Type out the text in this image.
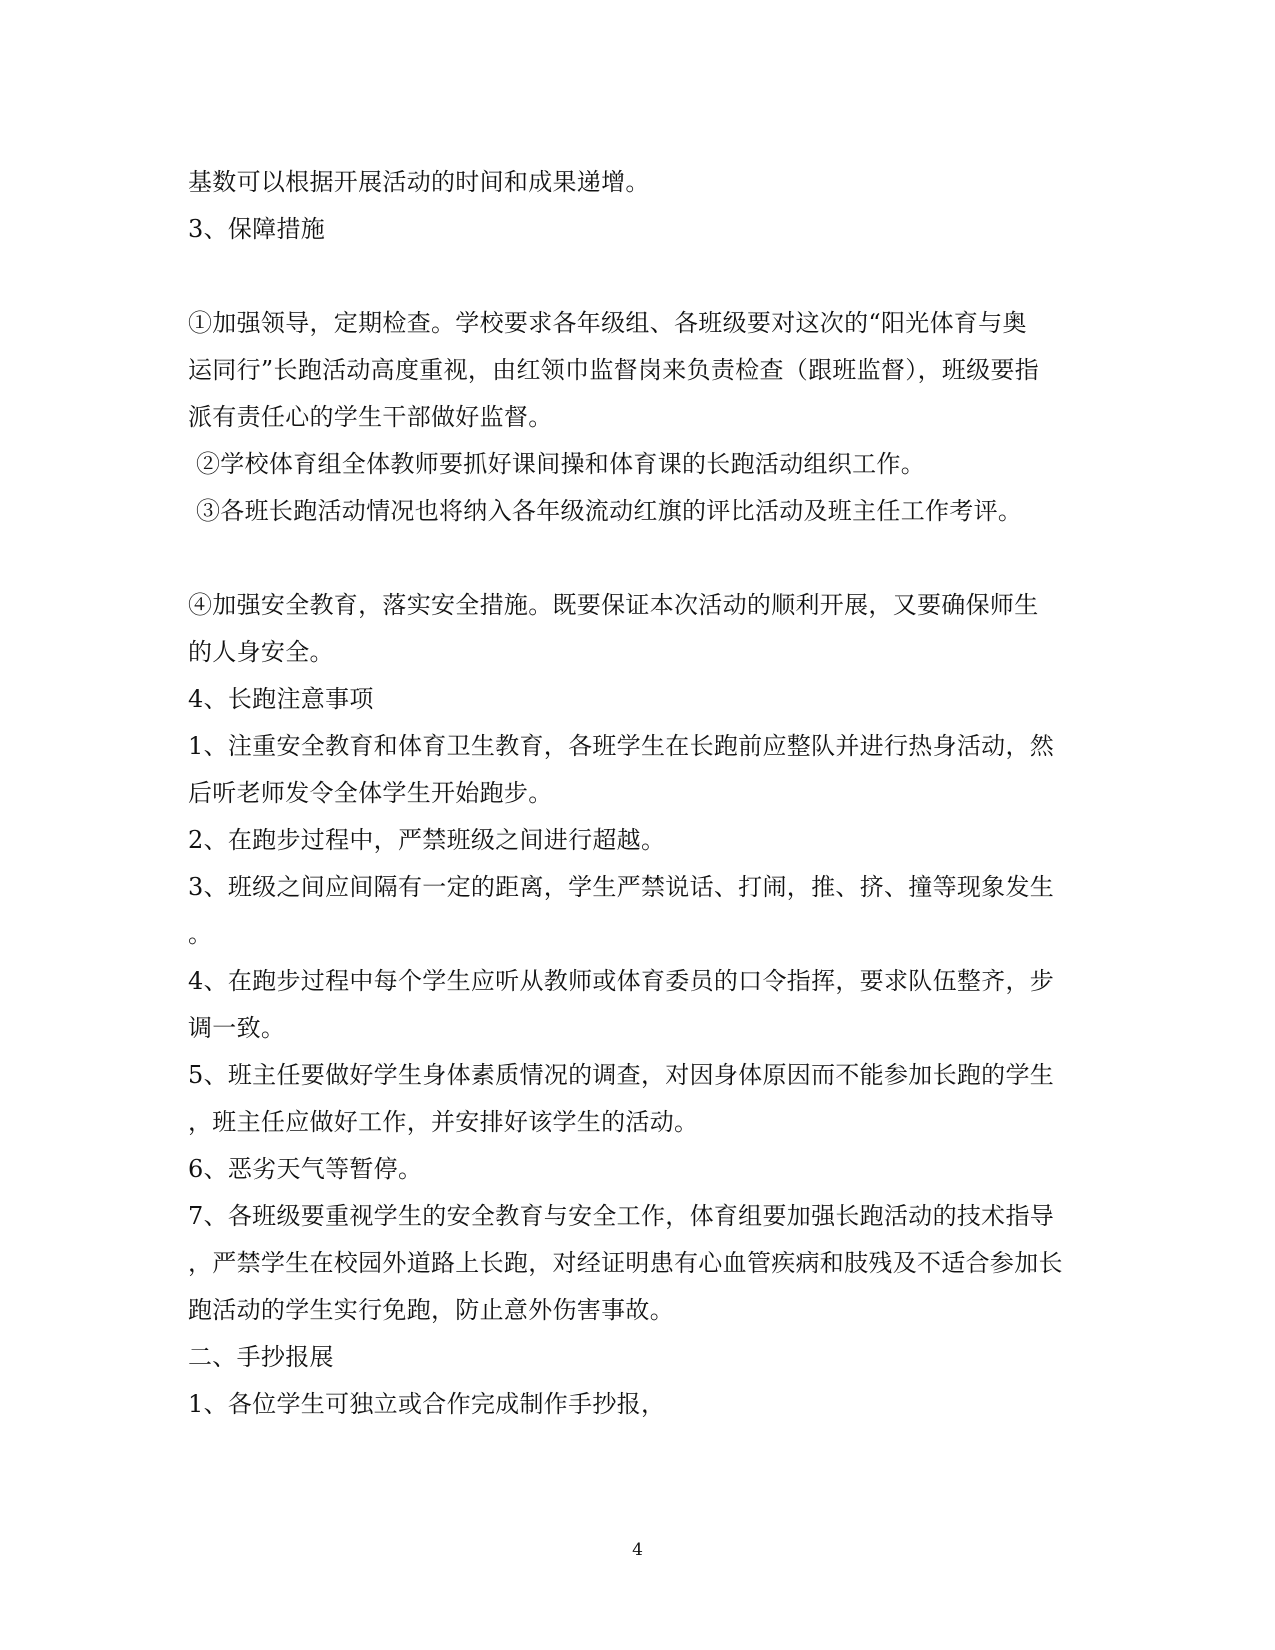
基数可以根据开展活动的时间和成果递增。
3、保障措施
①加强领导，定期检查。学校要求各年级组、各班级要对这次的“阳光体育与奥
运同行”长跑活动高度重视，由红领巾监督岗来负责检查（跟班监督），班级要指
派有责任心的学生干部做好监督。
②学校体育组全体教师要抓好课间操和体育课的长跑活动组织工作。
③各班长跑活动情况也将纳入各年级流动红旗的评比活动及班主任工作考评。
④加强安全教育，落实安全措施。既要保证本次活动的顺利开展，又要确保师生
的人身安全。
4、长跑注意事项
1、注重安全教育和体育卫生教育，各班学生在长跑前应整队并进行热身活动，然
后听老师发令全体学生开始跑步。
2、在跑步过程中，严禁班级之间进行超越。
3、班级之间应间隔有一定的距离，学生严禁说话、打闹，推、挤、撞等现象发生
。
4、在跑步过程中每个学生应听从教师或体育委员的口令指挥，要求队伍整齐，步
调一致。
5、班主任要做好学生身体素质情况的调查，对因身体原因而不能参加长跑的学生
，班主任应做好工作，并安排好该学生的活动。
6、恶劣天气等暂停。
7、各班级要重视学生的安全教育与安全工作，体育组要加强长跑活动的技术指导
，严禁学生在校园外道路上长跑，对经证明患有心血管疾病和肢残及不适合参加长
跑活动的学生实行免跑，防止意外伤害事故。
二、手抄报展
1、各位学生可独立或合作完成制作手抄报，
4
